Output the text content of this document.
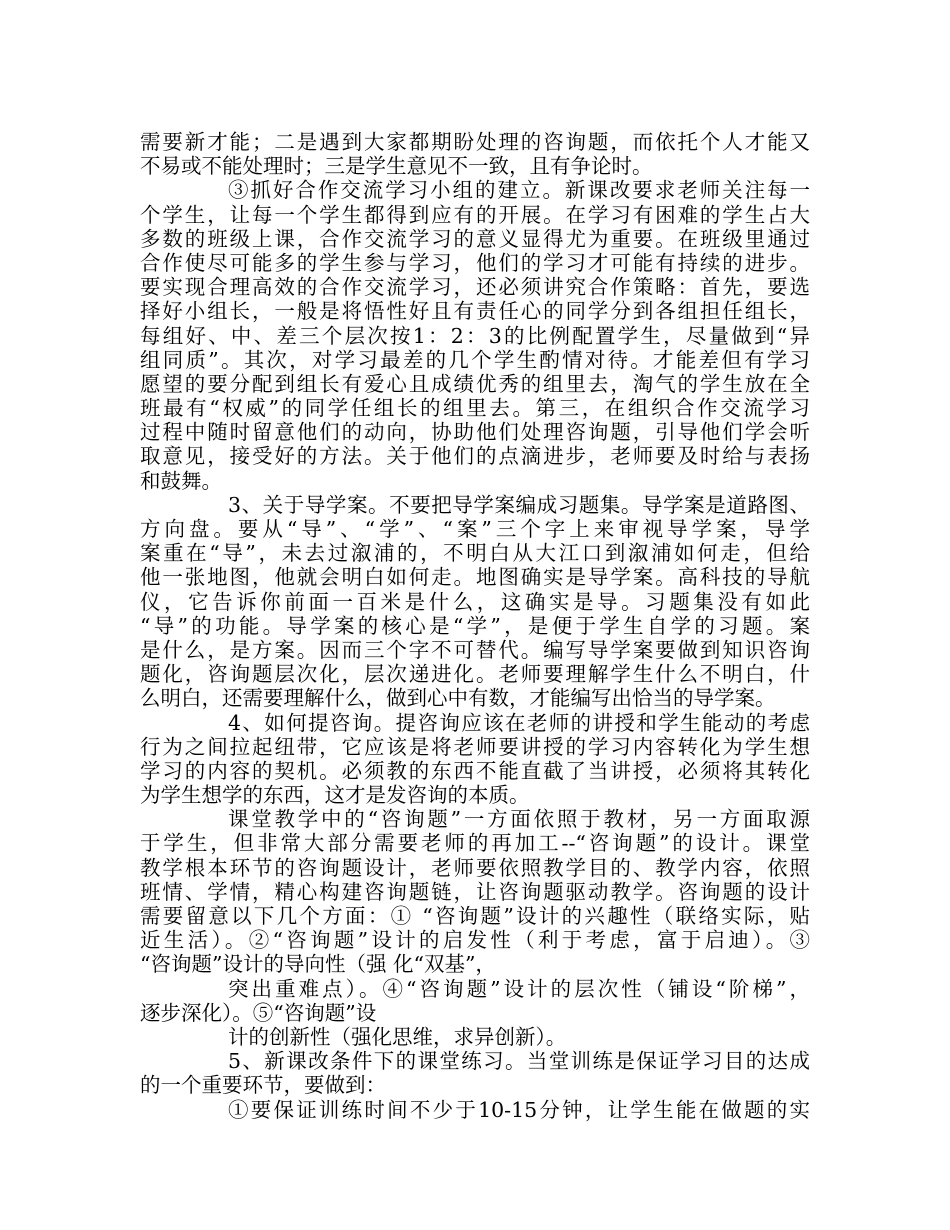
需要新才能；二是遇到大家都期盼处理的咨询题，而依托个人才能又
不易或不能处理时；三是学生意见不一致，且有争论时。
③抓好合作交流学习小组的建立。新课改要求老师关注每一
个学生，让每一个学生都得到应有的开展。在学习有困难的学生占大
多数的班级上课，合作交流学习的意义显得尤为重要。在班级里通过
合作使尽可能多的学生参与学习，他们的学习才可能有持续的进步。
要实现合理高效的合作交流学习，还必须讲究合作策略：首先，要选
择好小组长，一般是将悟性好且有责任心的同学分到各组担任组长，
每组好、中、差三个层次按1：2：3的比例配置学生，尽量做到“异
组同质”。其次，对学习最差的几个学生酌情对待。才能差但有学习
愿望的要分配到组长有爱心且成绩优秀的组里去，淘气的学生放在全
班最有“权威”的同学任组长的组里去。第三，在组织合作交流学习
过程中随时留意他们的动向，协助他们处理咨询题，引导他们学会听
取意见，接受好的方法。关于他们的点滴进步，老师要及时给与表扬
和鼓舞。
3、关于导学案。不要把导学案编成习题集。导学案是道路图、
方向盘。要从“导”、“学”、“案”三个字上来审视导学案，导学
案重在“导”，未去过溆浦的，不明白从大江口到溆浦如何走，但给
他一张地图，他就会明白如何走。地图确实是导学案。高科技的导航
仪，它告诉你前面一百米是什么，这确实是导。习题集没有如此
“导”的功能。导学案的核心是“学”，是便于学生自学的习题。案
是什么，是方案。因而三个字不可替代。编写导学案要做到知识咨询
题化，咨询题层次化，层次递进化。老师要理解学生什么不明白，什
么明白，还需要理解什么，做到心中有数，才能编写出恰当的导学案。
4、如何提咨询。提咨询应该在老师的讲授和学生能动的考虑
行为之间拉起纽带，它应该是将老师要讲授的学习内容转化为学生想
学习的内容的契机。必须教的东西不能直截了当讲授，必须将其转化
为学生想学的东西，这才是发咨询的本质。
课堂教学中的“咨询题”一方面依照于教材，另一方面取源
于学生，但非常大部分需要老师的再加工--“咨询题”的设计。课堂
教学根本环节的咨询题设计，老师要依照教学目的、教学内容，依照
班情、学情，精心构建咨询题链，让咨询题驱动教学。咨询题的设计
需要留意以下几个方面：① “咨询题”设计的兴趣性（联络实际，贴
近生活）。②“咨询题”设计的启发性（利于考虑，富于启迪）。③
“咨询题”设计的导向性（强 化“双基”，
突出重难点）。④“咨询题”设计的层次性（铺设“阶梯”，
逐步深化）。⑤“咨询题”设
计的创新性（强化思维，求异创新）。
5、新课改条件下的课堂练习。当堂训练是保证学习目的达成
的一个重要环节，要做到：
①要保证训练时间不少于10-15分钟，让学生能在做题的实
